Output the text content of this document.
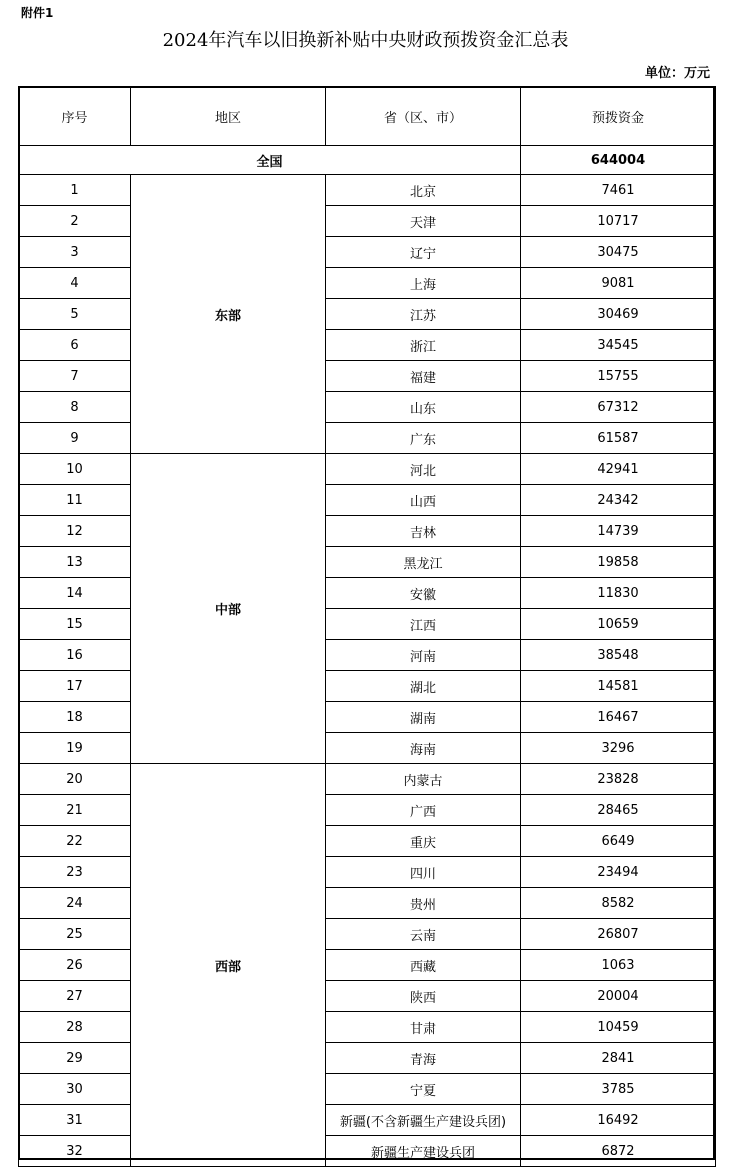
附件1
2024年汽车以旧换新补贴中央财政预拨资金汇总表
单位：万元
序号	地区	省（区、市）	预拨资金
全国			644004
1	东部	北京	7461
2		天津	10717
3		辽宁	30475
4		上海	9081
5		江苏	30469
6		浙江	34545
7		福建	15755
8		山东	67312
9		广东	61587
10	中部	河北	42941
11		山西	24342
12		吉林	14739
13		黑龙江	19858
14		安徽	11830
15		江西	10659
16		河南	38548
17		湖北	14581
18		湖南	16467
19		海南	3296
20	西部	内蒙古	23828
21		广西	28465
22		重庆	6649
23		四川	23494
24		贵州	8582
25		云南	26807
26		西藏	1063
27		陕西	20004
28		甘肃	10459
29		青海	2841
30		宁夏	3785
31		新疆(不含新疆生产建设兵团)	16492
32		新疆生产建设兵团	6872
